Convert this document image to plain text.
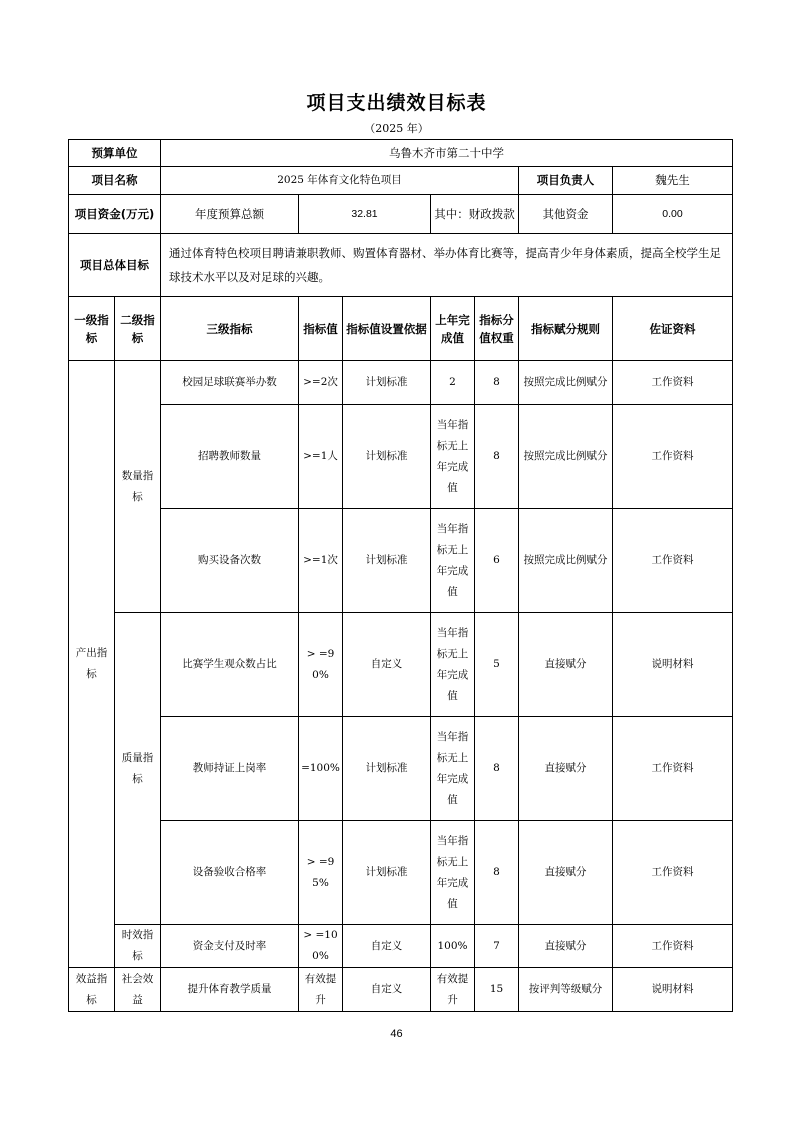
项目支出绩效目标表
（2025 年）
预算单位		乌鲁木齐市第二十中学						
项目名称		2025 年体育文化特色项目					项目负责人	魏先生
项目资金(万元)		年度预算总额	32.81		其中：财政拨款		其他资金	0.00
项目总体目标		通过体育特色校项目聘请兼职教师、购置体育器材、举办体育比赛等，提高青少年身体素质，提高全校学生足球技术水平以及对足球的兴趣。						
一级指标	二级指标	三级指标	指标值	指标值设置依据	上年完成值	指标分值权重	指标赋分规则	佐证资料
产出指标	数量指标	校园足球联赛举办数	>=2次	计划标准	2	8	按照完成比例赋分	工作资料
		招聘教师数量	>=1人	计划标准	当年指标无上年完成值	8	按照完成比例赋分	工作资料
		购买设备次数	>=1次	计划标准	当年指标无上年完成值	6	按照完成比例赋分	工作资料
	质量指标	比赛学生观众数占比	> =90%	自定义	当年指标无上年完成值	5	直接赋分	说明材料
		教师持证上岗率	=100%	计划标准	当年指标无上年完成值	8	直接赋分	工作资料
		设备验收合格率	> =95%	计划标准	当年指标无上年完成值	8	直接赋分	工作资料
	时效指标	资金支付及时率	> =100%	自定义	100%	7	直接赋分	工作资料
效益指标	社会效益	提升体育教学质量	有效提升	自定义	有效提升	15	按评判等级赋分	说明材料
46
